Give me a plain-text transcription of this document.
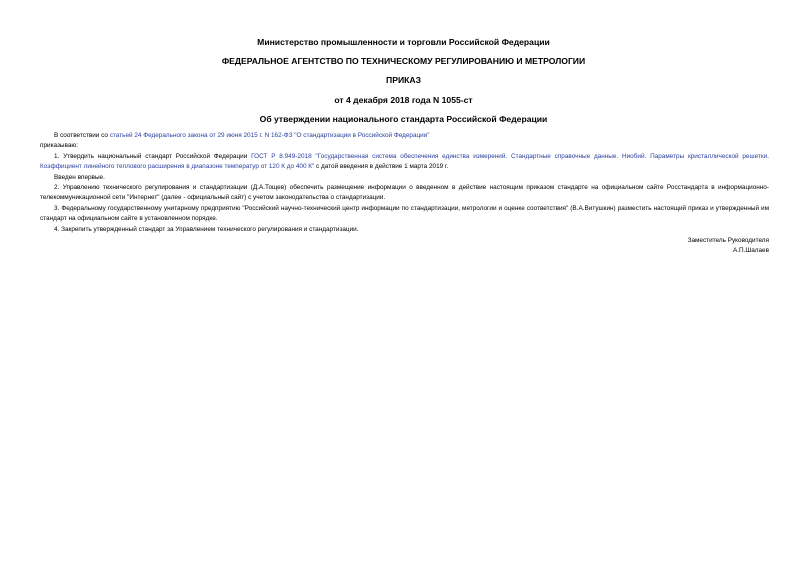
Министерство промышленности и торговли Российской Федерации
ФЕДЕРАЛЬНОЕ АГЕНТСТВО ПО ТЕХНИЧЕСКОМУ РЕГУЛИРОВАНИЮ И МЕТРОЛОГИИ
ПРИКАЗ
от 4 декабря 2018 года N 1055-ст
Об утверждении национального стандарта Российской Федерации

В соответствии со статьей 24 Федерального закона от 29 июня 2015 г. N 162-ФЗ "О стандартизации в Российской Федерации"

приказываю:

1. Утвердить национальный стандарт Российской Федерации ГОСТ Р 8.949-2018 "Государственная система обеспечения единства измерений. Стандартные справочные данные. Ниобий. Параметры кристаллической решетки. Коэффициент линейного теплового расширения в диапазоне температур от 120 К до 400 К" с датой введения в действие 1 марта 2019 г.

Введен впервые.

2. Управлению технического регулирования и стандартизации (Д.А.Тощев) обеспечить размещение информации о введенном в действие настоящим приказом стандарте на официальном сайте Росстандарта в информационно-телекоммуникационной сети "Интернет" (далее - официальный сайт) с учетом законодательства о стандартизации.

3. Федеральному государственному унитарному предприятию "Российский научно-технический центр информации по стандартизации, метрологии и оценке соответствия" (В.А.Витушкин) разместить настоящий приказ и утвержденный им стандарт на официальном сайте в установленном порядке.

4. Закрепить утвержденный стандарт за Управлением технического регулирования и стандартизации.

Заместитель Руководителя

А.П.Шалаев
